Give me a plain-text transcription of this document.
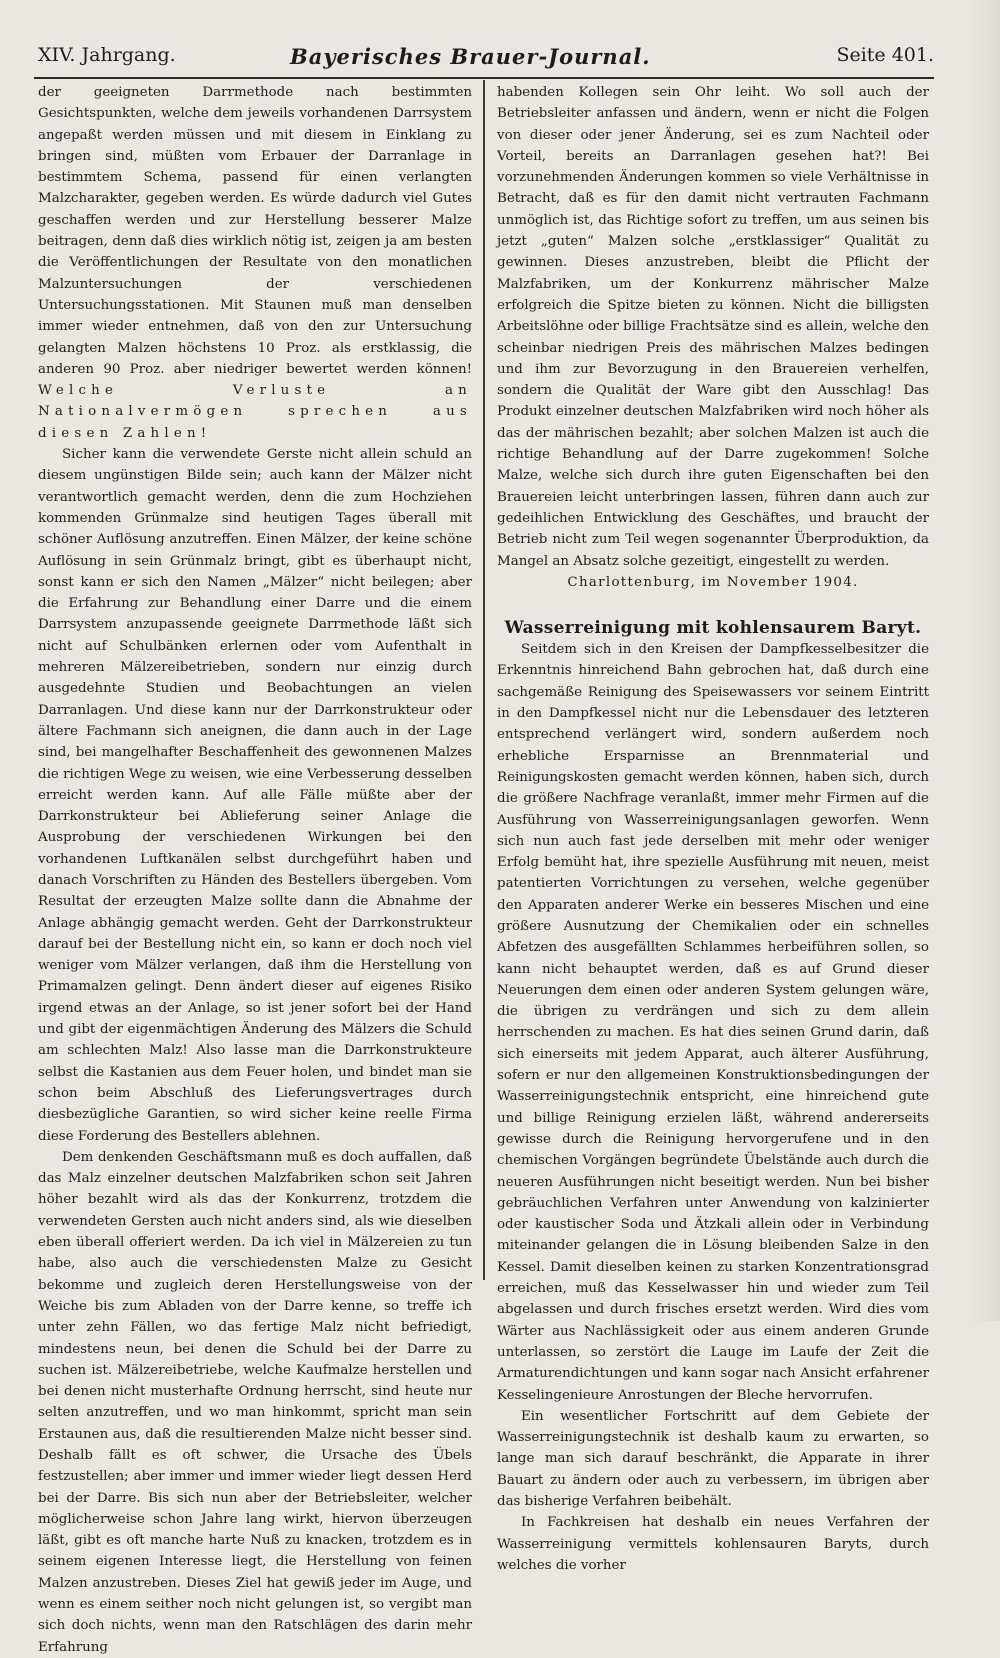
XIV. Jahrgang.	Bayerisches Brauer-Journal.	Seite 401.

der geeigneten Darrmethode nach bestimmten Gesichtspunkten, welche dem jeweils vorhandenen Darrsystem angepaßt werden müssen und mit diesem in Einklang zu bringen sind, müßten vom Erbauer der Darranlage in bestimmtem Schema, passend für einen verlangten Malzcharakter, gegeben werden. Es würde dadurch viel Gutes geschaffen werden und zur Herstellung besserer Malze beitragen, denn daß dies wirklich nötig ist, zeigen ja am besten die Veröffentlichungen der Resultate von den monatlichen Malzuntersuchungen der verschiedenen Untersuchungsstationen. Mit Staunen muß man denselben immer wieder entnehmen, daß von den zur Untersuchung gelangten Malzen höchstens 10 Proz. als erstklassig, die anderen 90 Proz. aber niedriger bewertet werden können! Welche Verluste an Nationalvermögen sprechen aus diesen Zahlen!

Sicher kann die verwendete Gerste nicht allein schuld an diesem ungünstigen Bilde sein; auch kann der Mälzer nicht verantwortlich gemacht werden, denn die zum Hochziehen kommenden Grünmalze sind heutigen Tages überall mit schöner Auflösung anzutreffen. Einen Mälzer, der keine schöne Auflösung in sein Grünmalz bringt, gibt es überhaupt nicht, sonst kann er sich den Namen „Mälzer“ nicht beilegen; aber die Erfahrung zur Behandlung einer Darre und die einem Darrsystem anzupassende geeignete Darrmethode läßt sich nicht auf Schulbänken erlernen oder vom Aufenthalt in mehreren Mälzereibetrieben, sondern nur einzig durch ausgedehnte Studien und Beobachtungen an vielen Darranlagen. Und diese kann nur der Darrkonstrukteur oder ältere Fachmann sich aneignen, die dann auch in der Lage sind, bei mangelhafter Beschaffenheit des gewonnenen Malzes die richtigen Wege zu weisen, wie eine Verbesserung desselben erreicht werden kann. Auf alle Fälle müßte aber der Darrkonstrukteur bei Ablieferung seiner Anlage die Ausprobung der verschiedenen Wirkungen bei den vorhandenen Luftkanälen selbst durchgeführt haben und danach Vorschriften zu Händen des Bestellers übergeben. Vom Resultat der erzeugten Malze sollte dann die Abnahme der Anlage abhängig gemacht werden. Geht der Darrkonstrukteur darauf bei der Bestellung nicht ein, so kann er doch noch viel weniger vom Mälzer verlangen, daß ihm die Herstellung von Primamalzen gelingt. Denn ändert dieser auf eigenes Risiko irgend etwas an der Anlage, so ist jener sofort bei der Hand und gibt der eigenmächtigen Änderung des Mälzers die Schuld am schlechten Malz! Also lasse man die Darrkonstrukteure selbst die Kastanien aus dem Feuer holen, und bindet man sie schon beim Abschluß des Lieferungsvertrages durch diesbezügliche Garantien, so wird sicher keine reelle Firma diese Forderung des Bestellers ablehnen.

Dem denkenden Geschäftsmann muß es doch auffallen, daß das Malz einzelner deutschen Malzfabriken schon seit Jahren höher bezahlt wird als das der Konkurrenz, trotzdem die verwendeten Gersten auch nicht anders sind, als wie dieselben eben überall offeriert werden. Da ich viel in Mälzereien zu tun habe, also auch die verschiedensten Malze zu Gesicht bekomme und zugleich deren Herstellungsweise von der Weiche bis zum Abladen von der Darre kenne, so treffe ich unter zehn Fällen, wo das fertige Malz nicht befriedigt, mindestens neun, bei denen die Schuld bei der Darre zu suchen ist. Mälzereibetriebe, welche Kaufmalze herstellen und bei denen nicht musterhafte Ordnung herrscht, sind heute nur selten anzutreffen, und wo man hinkommt, spricht man sein Erstaunen aus, daß die resultierenden Malze nicht besser sind. Deshalb fällt es oft schwer, die Ursache des Übels festzustellen; aber immer und immer wieder liegt dessen Herd bei der Darre. Bis sich nun aber der Betriebsleiter, welcher möglicherweise schon Jahre lang wirkt, hiervon überzeugen läßt, gibt es oft manche harte Nuß zu knacken, trotzdem es in seinem eigenen Interesse liegt, die Herstellung von feinen Malzen anzustreben. Dieses Ziel hat gewiß jeder im Auge, und wenn es einem seither noch nicht gelungen ist, so vergibt man sich doch nichts, wenn man den Ratschlägen des darin mehr Erfahrung

habenden Kollegen sein Ohr leiht. Wo soll auch der Betriebsleiter anfassen und ändern, wenn er nicht die Folgen von dieser oder jener Änderung, sei es zum Nachteil oder Vorteil, bereits an Darranlagen gesehen hat?! Bei vorzunehmenden Änderungen kommen so viele Verhältnisse in Betracht, daß es für den damit nicht vertrauten Fachmann unmöglich ist, das Richtige sofort zu treffen, um aus seinen bis jetzt „guten“ Malzen solche „erstklassiger“ Qualität zu gewinnen. Dieses anzustreben, bleibt die Pflicht der Malzfabriken, um der Konkurrenz mährischer Malze erfolgreich die Spitze bieten zu können. Nicht die billigsten Arbeitslöhne oder billige Frachtsätze sind es allein, welche den scheinbar niedrigen Preis des mährischen Malzes bedingen und ihm zur Bevorzugung in den Brauereien verhelfen, sondern die Qualität der Ware gibt den Ausschlag! Das Produkt einzelner deutschen Malzfabriken wird noch höher als das der mährischen bezahlt; aber solchen Malzen ist auch die richtige Behandlung auf der Darre zugekommen! Solche Malze, welche sich durch ihre guten Eigenschaften bei den Brauereien leicht unterbringen lassen, führen dann auch zur gedeihlichen Entwicklung des Geschäftes, und braucht der Betrieb nicht zum Teil wegen sogenannter Überproduktion, da Mangel an Absatz solche gezeitigt, eingestellt zu werden.

Charlottenburg, im November 1904.

Wasserreinigung mit kohlensaurem Baryt.

Seitdem sich in den Kreisen der Dampfkesselbesitzer die Erkenntnis hinreichend Bahn gebrochen hat, daß durch eine sachgemäße Reinigung des Speisewassers vor seinem Eintritt in den Dampfkessel nicht nur die Lebensdauer des letzteren entsprechend verlängert wird, sondern außerdem noch erhebliche Ersparnisse an Brennmaterial und Reinigungskosten gemacht werden können, haben sich, durch die größere Nachfrage veranlaßt, immer mehr Firmen auf die Ausführung von Wasserreinigungsanlagen geworfen. Wenn sich nun auch fast jede derselben mit mehr oder weniger Erfolg bemüht hat, ihre spezielle Ausführung mit neuen, meist patentierten Vorrichtungen zu versehen, welche gegenüber den Apparaten anderer Werke ein besseres Mischen und eine größere Ausnutzung der Chemikalien oder ein schnelles Abfetzen des ausgefällten Schlammes herbeiführen sollen, so kann nicht behauptet werden, daß es auf Grund dieser Neuerungen dem einen oder anderen System gelungen wäre, die übrigen zu verdrängen und sich zu dem allein herrschenden zu machen. Es hat dies seinen Grund darin, daß sich einerseits mit jedem Apparat, auch älterer Ausführung, sofern er nur den allgemeinen Konstruktionsbedingungen der Wasserreinigungstechnik entspricht, eine hinreichend gute und billige Reinigung erzielen läßt, während andererseits gewisse durch die Reinigung hervorgerufene und in den chemischen Vorgängen begründete Übelstände auch durch die neueren Ausführungen nicht beseitigt werden. Nun bei bisher gebräuchlichen Verfahren unter Anwendung von kalzinierter oder kaustischer Soda und Ätzkali allein oder in Verbindung miteinander gelangen die in Lösung bleibenden Salze in den Kessel. Damit dieselben keinen zu starken Konzentrationsgrad erreichen, muß das Kesselwasser hin und wieder zum Teil abgelassen und durch frisches ersetzt werden. Wird dies vom Wärter aus Nachlässigkeit oder aus einem anderen Grunde unterlassen, so zerstört die Lauge im Laufe der Zeit die Armaturendichtungen und kann sogar nach Ansicht erfahrener Kesselingenieure Anrostungen der Bleche hervorrufen.

Ein wesentlicher Fortschritt auf dem Gebiete der Wasserreinigungstechnik ist deshalb kaum zu erwarten, so lange man sich darauf beschränkt, die Apparate in ihrer Bauart zu ändern oder auch zu verbessern, im übrigen aber das bisherige Verfahren beibehält.

In Fachkreisen hat deshalb ein neues Verfahren der Wasserreinigung vermittels kohlensauren Baryts, durch welches die vorher
